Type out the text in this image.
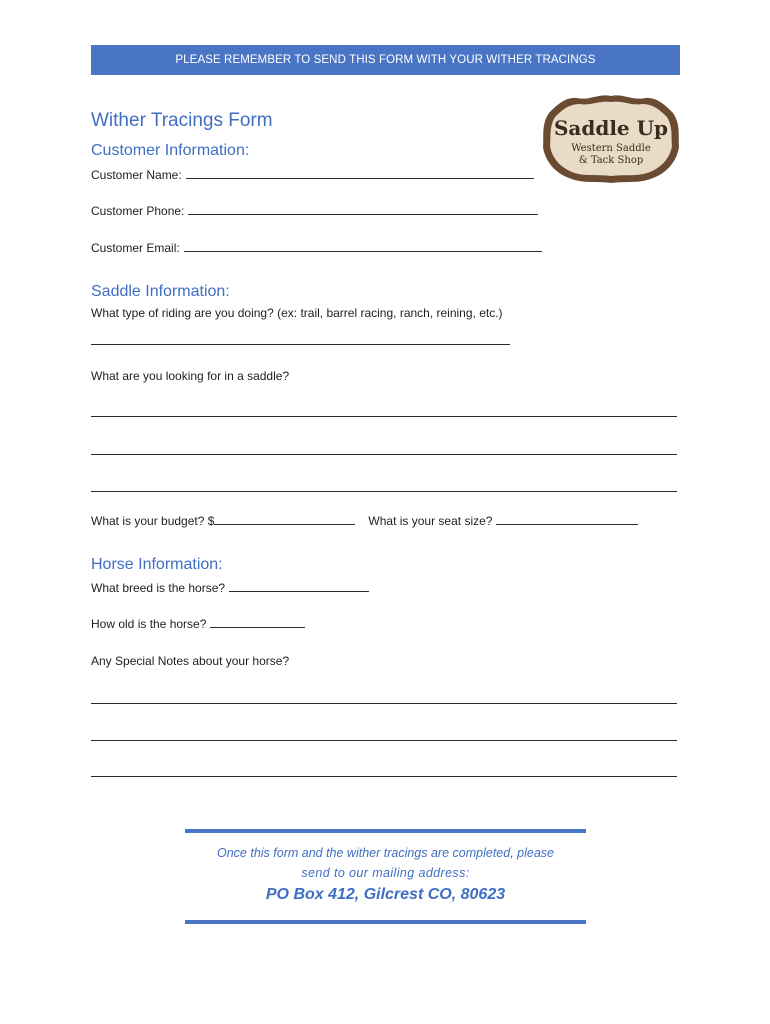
PLEASE REMEMBER TO SEND THIS FORM WITH YOUR WITHER TRACINGS
Wither Tracings Form	Saddle Up
Western Saddle
& Tack Shop
Customer Information:
Customer Name:
Customer Phone:
Customer Email:
Saddle Information:
What type of riding are you doing? (ex: trail, barrel racing, ranch, reining, etc.)
What are you looking for in a saddle?
What is your budget? $	What is your seat size?
Horse Information:
What breed is the horse?
How old is the horse?
Any Special Notes about your horse?
Once this form and the wither tracings are completed, please
send to our mailing address:
PO Box 412, Gilcrest CO, 80623
